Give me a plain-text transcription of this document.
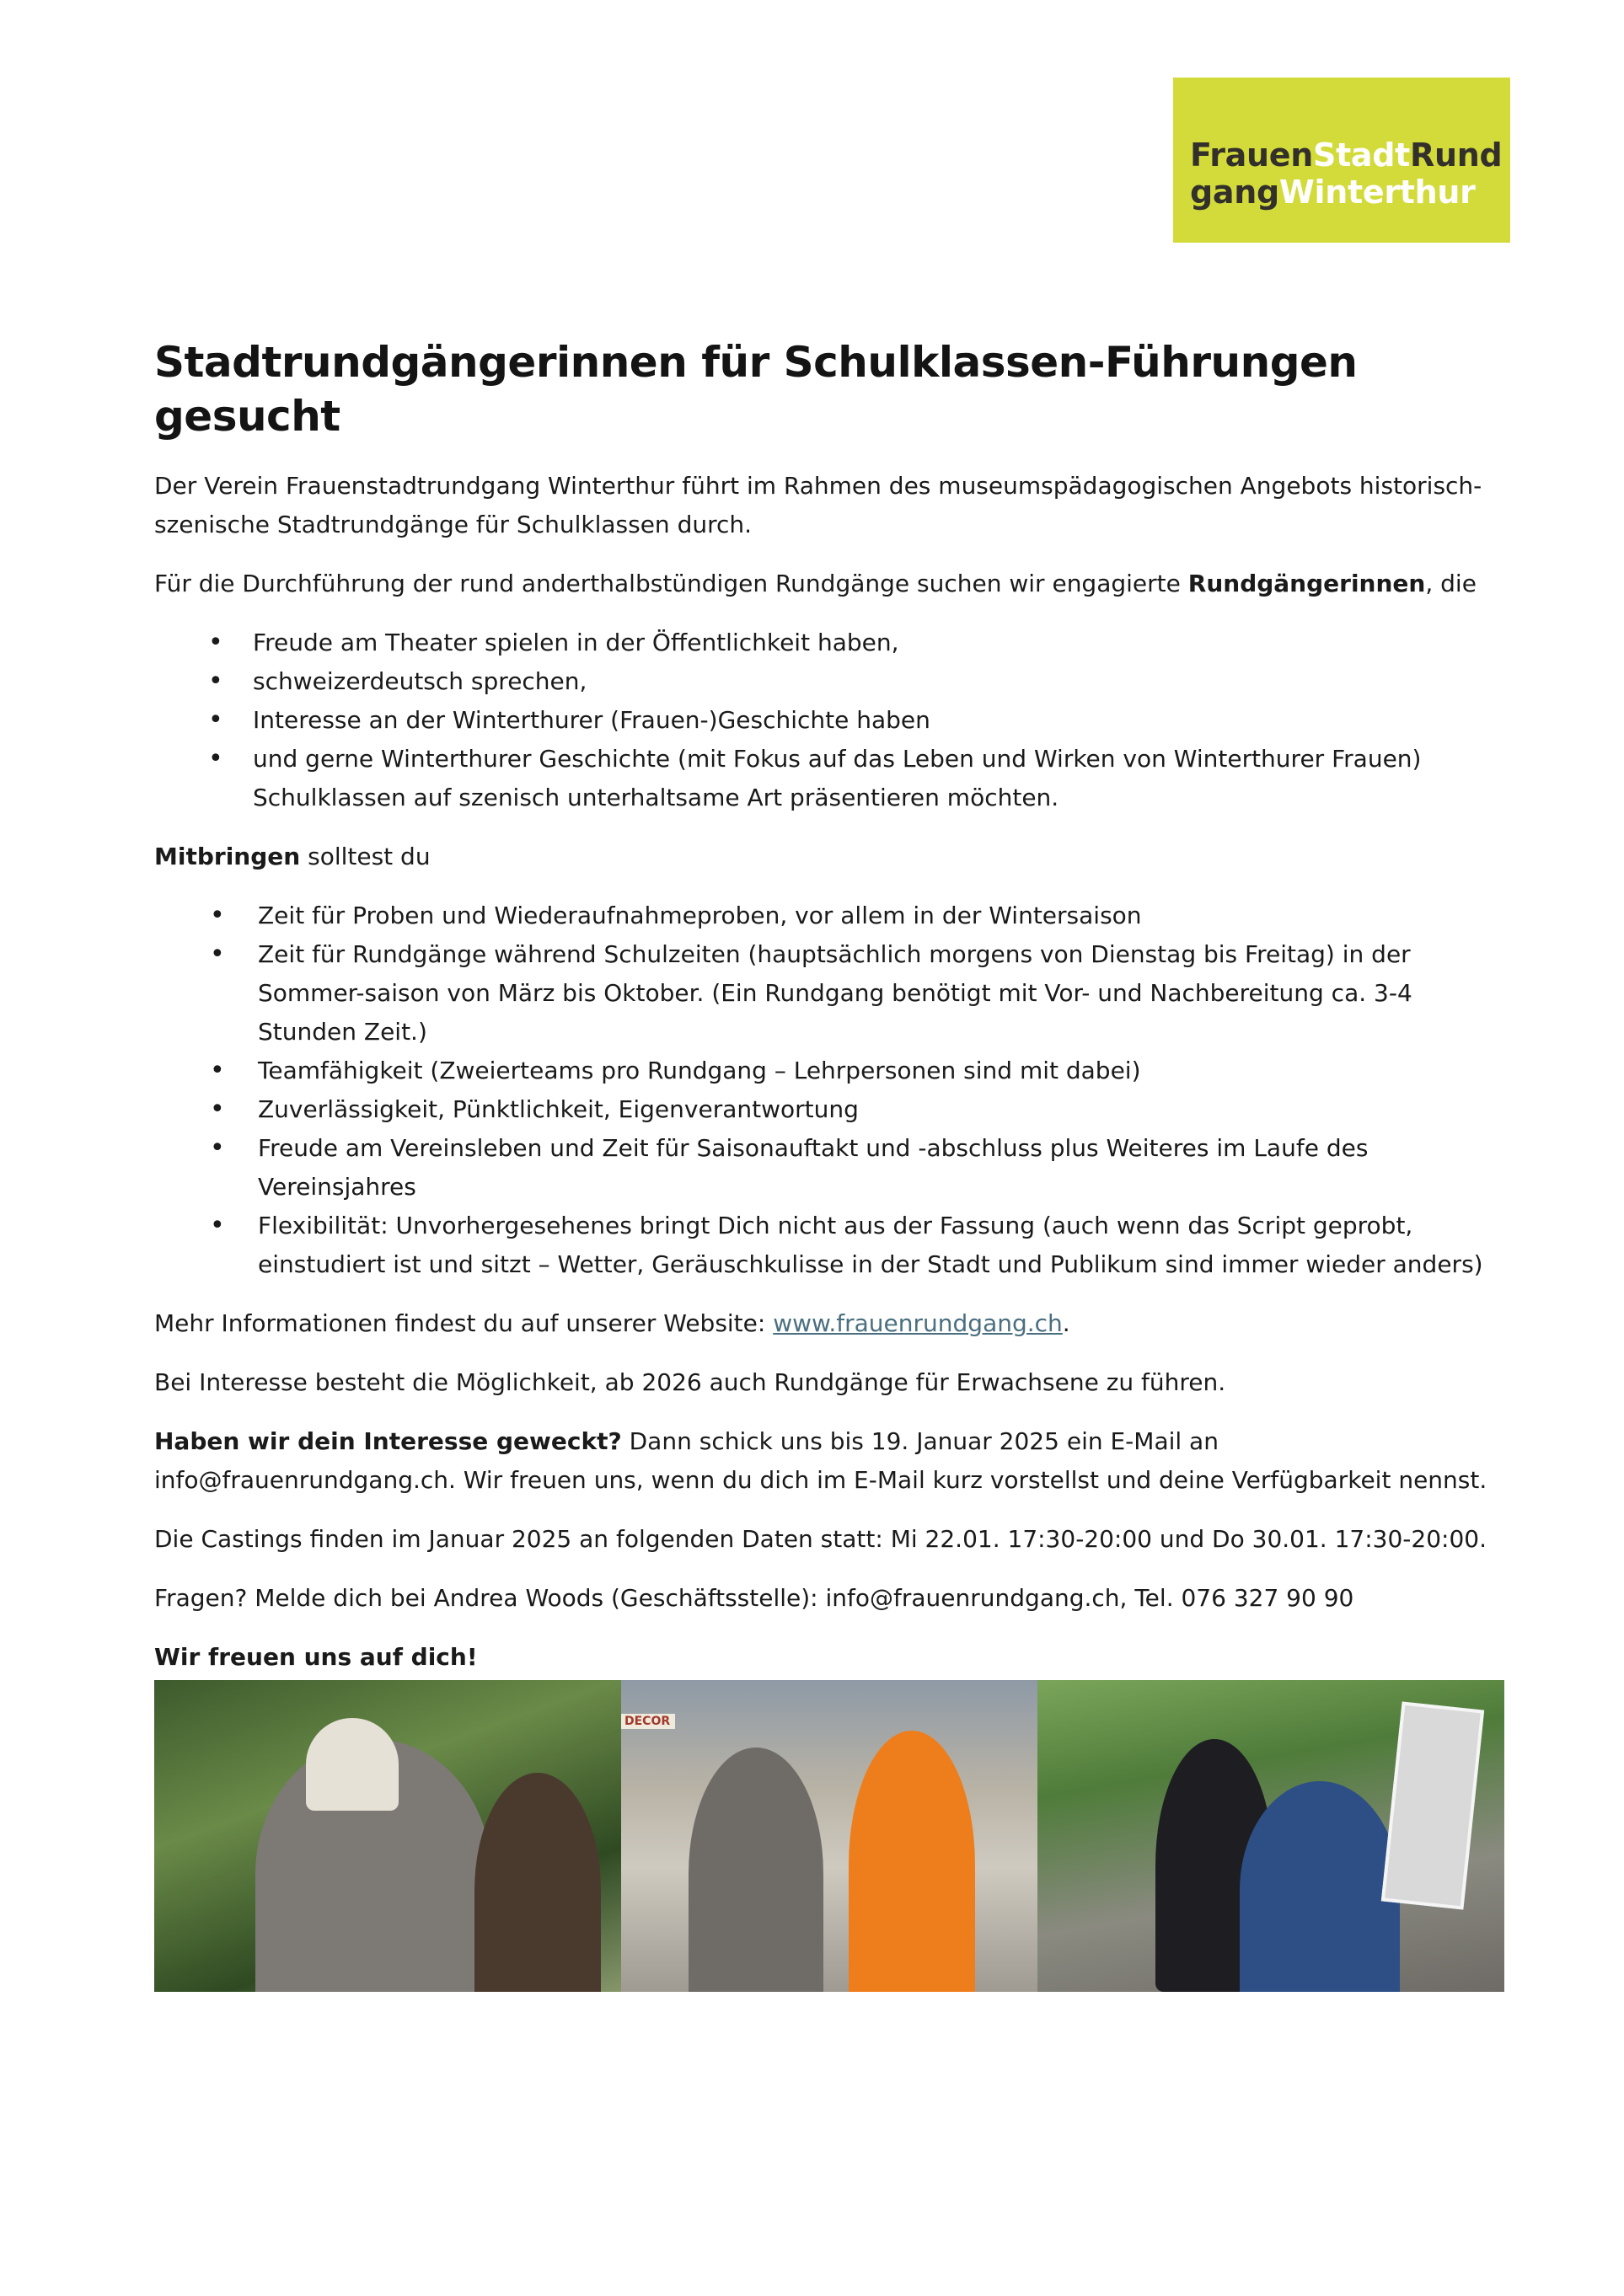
FrauenStadtRund
gangWinterthur
Stadtrundgängerinnen für Schulklassen-Führungen gesucht

Der Verein Frauenstadtrundgang Winterthur führt im Rahmen des museumspädagogischen Angebots historisch-szenische Stadtrundgänge für Schulklassen durch.

Für die Durchführung der rund anderthalbstündigen Rundgänge suchen wir engagierte Rundgängerinnen, die

• Freude am Theater spielen in der Öffentlichkeit haben,
• schweizerdeutsch sprechen,
• Interesse an der Winterthurer (Frauen-)Geschichte haben
• und gerne Winterthurer Geschichte (mit Fokus auf das Leben und Wirken von Winterthurer Frauen) Schulklassen auf szenisch unterhaltsame Art präsentieren möchten.

Mitbringen solltest du

• Zeit für Proben und Wiederaufnahmeproben, vor allem in der Wintersaison
• Zeit für Rundgänge während Schulzeiten (hauptsächlich morgens von Dienstag bis Freitag) in der Sommer-saison von März bis Oktober. (Ein Rundgang benötigt mit Vor- und Nachbereitung ca. 3-4 Stunden Zeit.)
• Teamfähigkeit (Zweierteams pro Rundgang – Lehrpersonen sind mit dabei)
• Zuverlässigkeit, Pünktlichkeit, Eigenverantwortung
• Freude am Vereinsleben und Zeit für Saisonauftakt und -abschluss plus Weiteres im Laufe des Vereinsjahres
• Flexibilität: Unvorhergesehenes bringt Dich nicht aus der Fassung (auch wenn das Script geprobt, einstudiert ist und sitzt – Wetter, Geräuschkulisse in der Stadt und Publikum sind immer wieder anders)

Mehr Informationen findest du auf unserer Website: www.frauenrundgang.ch.

Bei Interesse besteht die Möglichkeit, ab 2026 auch Rundgänge für Erwachsene zu führen.

Haben wir dein Interesse geweckt? Dann schick uns bis 19. Januar 2025 ein E-Mail an info@frauenrundgang.ch. Wir freuen uns, wenn du dich im E-Mail kurz vorstellst und deine Verfügbarkeit nennst.

Die Castings finden im Januar 2025 an folgenden Daten statt: Mi 22.01. 17:30-20:00 und Do 30.01. 17:30-20:00.

Fragen? Melde dich bei Andrea Woods (Geschäftsstelle): info@frauenrundgang.ch, Tel. 076 327 90 90

Wir freuen uns auf dich!

DECOR
